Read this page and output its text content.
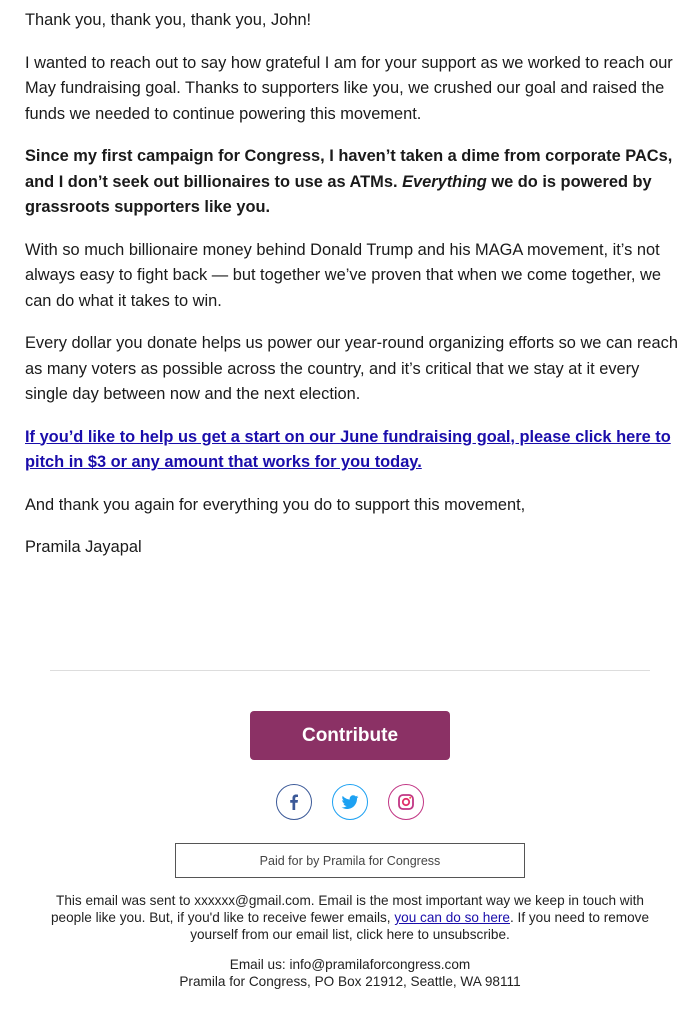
Thank you, thank you, thank you, John!

I wanted to reach out to say how grateful I am for your support as we worked to reach our May fundraising goal. Thanks to supporters like you, we crushed our goal and raised the funds we needed to continue powering this movement.

Since my first campaign for Congress, I haven’t taken a dime from corporate PACs, and I don’t seek out billionaires to use as ATMs. Everything we do is powered by grassroots supporters like you.

With so much billionaire money behind Donald Trump and his MAGA movement, it’s not always easy to fight back — but together we’ve proven that when we come together, we can do what it takes to win.

Every dollar you donate helps us power our year-round organizing efforts so we can reach as many voters as possible across the country, and it’s critical that we stay at it every single day between now and the next election.

If you’d like to help us get a start on our June fundraising goal, please click here to pitch in $3 or any amount that works for you today.

And thank you again for everything you do to support this movement,

Pramila Jayapal

Contribute
Paid for by Pramila for Congress
This email was sent to xxxxxx@gmail.com. Email is the most important way we keep in touch with people like you. But, if you'd like to receive fewer emails, you can do so here. If you need to remove yourself from our email list, click here to unsubscribe.
Email us: info@pramilaforcongress.com
Pramila for Congress, PO Box 21912, Seattle, WA 98111
